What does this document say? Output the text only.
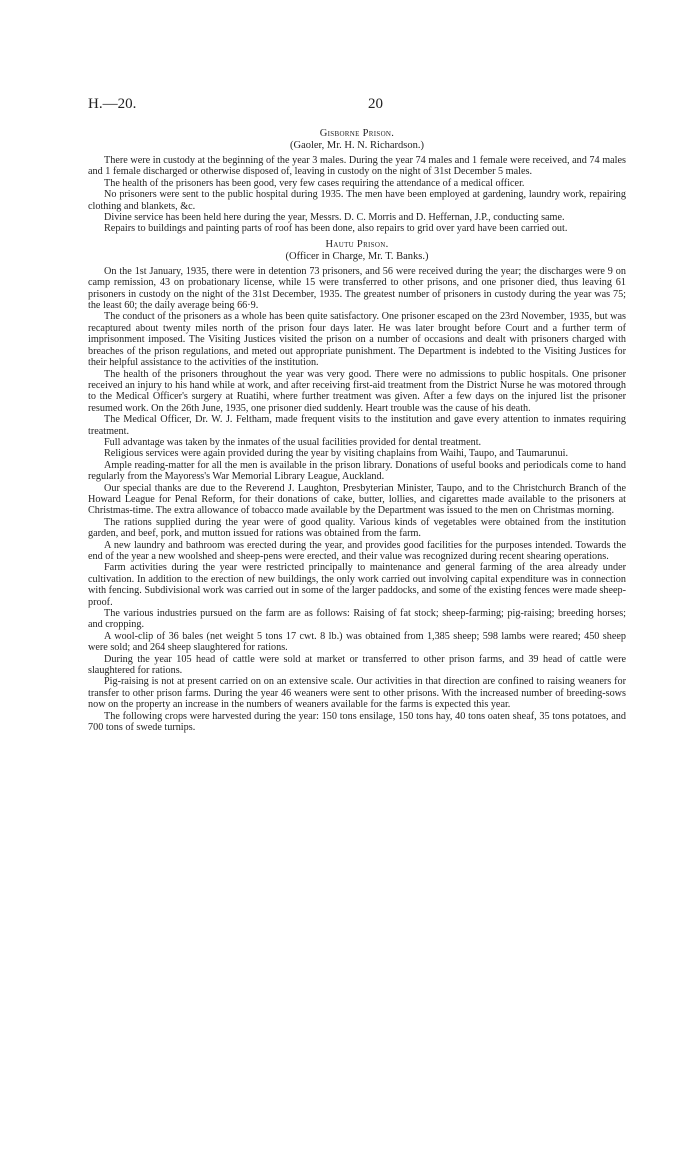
H.—20.	20
Gisborne Prison.
(Gaoler, Mr. H. N. Richardson.)

There were in custody at the beginning of the year 3 males. During the year 74 males and 1 female were received, and 74 males and 1 female discharged or otherwise disposed of, leaving in custody on the night of 31st December 5 males.

The health of the prisoners has been good, very few cases requiring the attendance of a medical officer.

No prisoners were sent to the public hospital during 1935. The men have been employed at gardening, laundry work, repairing clothing and blankets, &c.

Divine service has been held here during the year, Messrs. D. C. Morris and D. Heffernan, J.P., conducting same.

Repairs to buildings and painting parts of roof has been done, also repairs to grid over yard have been carried out.

Hautu Prison.
(Officer in Charge, Mr. T. Banks.)

On the 1st January, 1935, there were in detention 73 prisoners, and 56 were received during the year; the discharges were 9 on camp remission, 43 on probationary license, while 15 were transferred to other prisons, and one prisoner died, thus leaving 61 prisoners in custody on the night of the 31st December, 1935. The greatest number of prisoners in custody during the year was 75; the least 60; the daily average being 66·9.

The conduct of the prisoners as a whole has been quite satisfactory. One prisoner escaped on the 23rd November, 1935, but was recaptured about twenty miles north of the prison four days later. He was later brought before Court and a further term of imprisonment imposed. The Visiting Justices visited the prison on a number of occasions and dealt with prisoners charged with breaches of the prison regulations, and meted out appropriate punishment. The Department is indebted to the Visiting Justices for their helpful assistance to the activities of the institution.

The health of the prisoners throughout the year was very good. There were no admissions to public hospitals. One prisoner received an injury to his hand while at work, and after receiving first-aid treatment from the District Nurse he was motored through to the Medical Officer's surgery at Ruatihi, where further treatment was given. After a few days on the injured list the prisoner resumed work. On the 26th June, 1935, one prisoner died suddenly. Heart trouble was the cause of his death.

The Medical Officer, Dr. W. J. Feltham, made frequent visits to the institution and gave every attention to inmates requiring treatment.

Full advantage was taken by the inmates of the usual facilities provided for dental treatment.

Religious services were again provided during the year by visiting chaplains from Waihi, Taupo, and Taumarunui.

Ample reading-matter for all the men is available in the prison library. Donations of useful books and periodicals come to hand regularly from the Mayoress's War Memorial Library League, Auckland.

Our special thanks are due to the Reverend J. Laughton, Presbyterian Minister, Taupo, and to the Christchurch Branch of the Howard League for Penal Reform, for their donations of cake, butter, lollies, and cigarettes made available to the prisoners at Christmas-time. The extra allowance of tobacco made available by the Department was issued to the men on Christmas morning.

The rations supplied during the year were of good quality. Various kinds of vegetables were obtained from the institution garden, and beef, pork, and mutton issued for rations was obtained from the farm.

A new laundry and bathroom was erected during the year, and provides good facilities for the purposes intended. Towards the end of the year a new woolshed and sheep-pens were erected, and their value was recognized during recent shearing operations.

Farm activities during the year were restricted principally to maintenance and general farming of the area already under cultivation. In addition to the erection of new buildings, the only work carried out involving capital expenditure was in connection with fencing. Subdivisional work was carried out in some of the larger paddocks, and some of the existing fences were made sheep-proof.

The various industries pursued on the farm are as follows: Raising of fat stock; sheep-farming; pig-raising; breeding horses; and cropping.

A wool-clip of 36 bales (net weight 5 tons 17 cwt. 8 lb.) was obtained from 1,385 sheep; 598 lambs were reared; 450 sheep were sold; and 264 sheep slaughtered for rations.

During the year 105 head of cattle were sold at market or transferred to other prison farms, and 39 head of cattle were slaughtered for rations.

Pig-raising is not at present carried on on an extensive scale. Our activities in that direction are confined to raising weaners for transfer to other prison farms. During the year 46 weaners were sent to other prisons. With the increased number of breeding-sows now on the property an increase in the numbers of weaners available for the farms is expected this year.

The following crops were harvested during the year: 150 tons ensilage, 150 tons hay, 40 tons oaten sheaf, 35 tons potatoes, and 700 tons of swede turnips.
